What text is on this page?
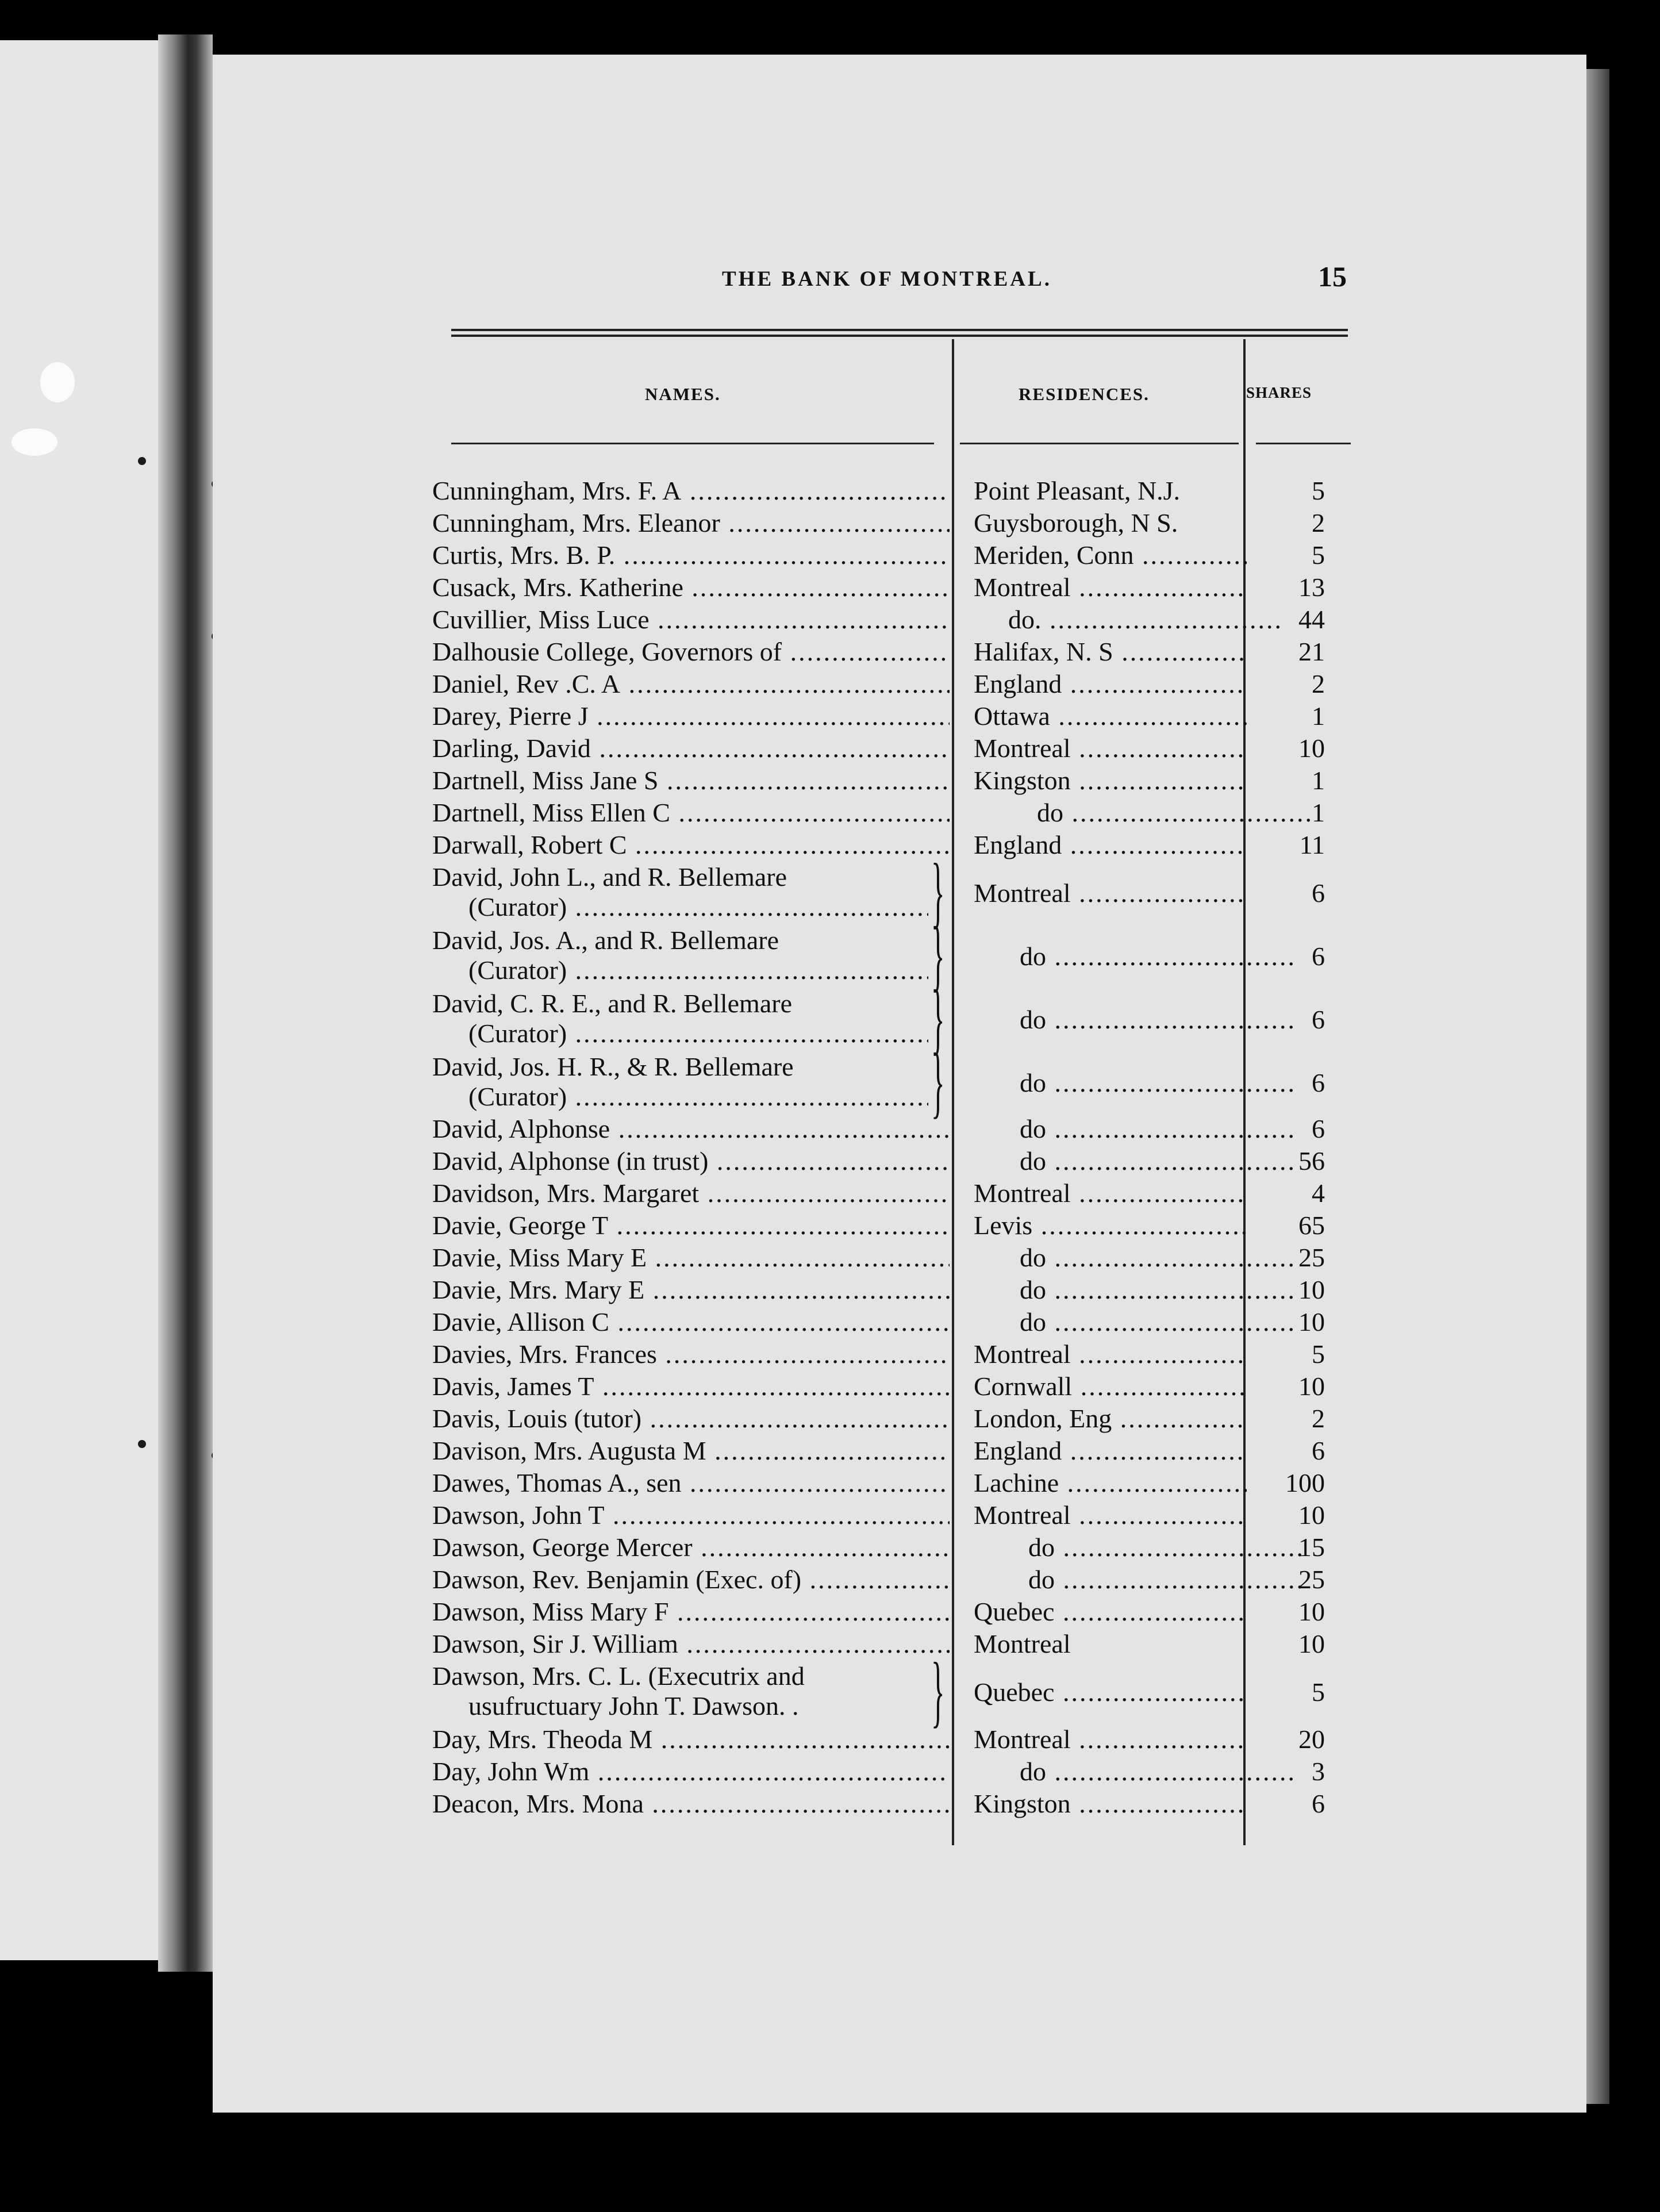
THE BANK OF MONTREAL.	15
NAMES.	RESIDENCES.	SHARES
Cunningham, Mrs. F. A .....	Point Pleasant, N.J.	5
Cunningham, Mrs. Eleanor .....	Guysborough, N S.	2
Curtis, Mrs. B. P. .....	Meriden, Conn .....	5
Cusack, Mrs. Katherine .....	Montreal .....	13
Cuvillier, Miss Luce .....	do. .....	44
Dalhousie College, Governors of .....	Halifax, N. S .....	21
Daniel, Rev .C. A .....	England .....	2
Darey, Pierre J .....	Ottawa .....	1
Darling, David .....	Montreal .....	10
Dartnell, Miss Jane S .....	Kingston .....	1
Dartnell, Miss Ellen C .....	do .....	1
Darwall, Robert C .....	England .....	11
David, John L., and R. Bellemare
(Curator) .....	} Montreal .....	6
David, Jos. A., and R. Bellemare
(Curator) .....	}	do .....	6
David, C. R. E., and R. Bellemare
(Curator) .....	}	do .....	6
David, Jos. H. R., & R. Bellemare
(Curator) .....	}	do .....	6
David, Alphonse .....	do .....	6
David, Alphonse (in trust) .....	do .....	56
Davidson, Mrs. Margaret .....	Montreal .....	4
Davie, George T .....	Levis .....	65
Davie, Miss Mary E .....	do .....	25
Davie, Mrs. Mary E .....	do .....	10
Davie, Allison C .....	do .....	10
Davies, Mrs. Frances .....	Montreal .....	5
Davis, James T .....	Cornwall .....	10
Davis, Louis (tutor) .....	London, Eng .....	2
Davison, Mrs. Augusta M .....	England .....	6
Dawes, Thomas A., sen .....	Lachine .....	100
Dawson, John T .....	Montreal .....	10
Dawson, George Mercer .....	do .....	15
Dawson, Rev. Benjamin (Exec. of) .....	do .....	25
Dawson, Miss Mary F .....	Quebec .....	10
Dawson, Sir J. William .....	Montreal	10
Dawson, Mrs. C. L. (Executrix and
usufructuary John T. Dawson. .	} Quebec .....	5
Day, Mrs. Theoda M .....	Montreal .....	20
Day, John Wm .....	do .....	3
Deacon, Mrs. Mona .....	Kingston .....	6
